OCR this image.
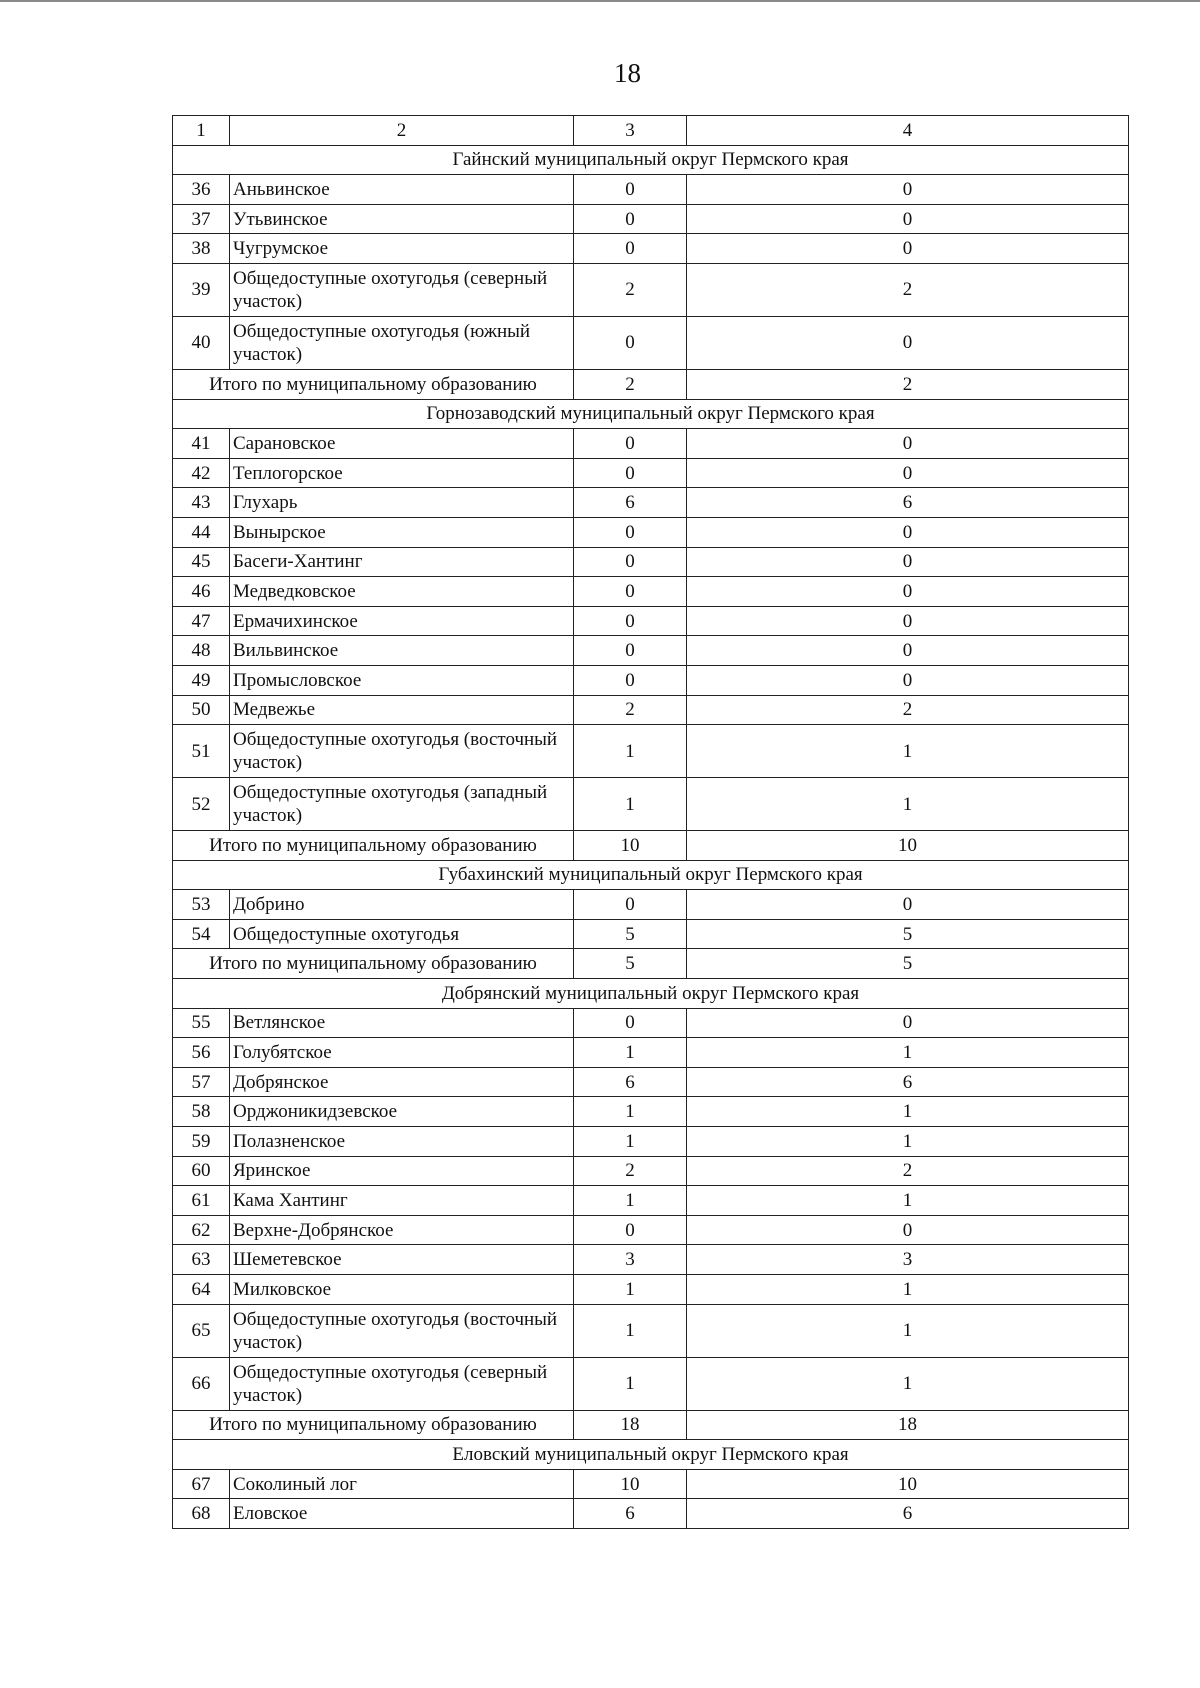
18
1	2	3	4
Гайнский муниципальный округ Пермского края			
36	Аньвинское	0	0
37	Утьвинское	0	0
38	Чугрумское	0	0
39	Общедоступные охотугодья (северный участок)	2	2
40	Общедоступные охотугодья (южный участок)	0	0
Итого по муниципальному образованию		2	2
Горнозаводский муниципальный округ Пермского края			
41	Сарановское	0	0
42	Теплогорское	0	0
43	Глухарь	6	6
44	Вынырское	0	0
45	Басеги-Хантинг	0	0
46	Медведковское	0	0
47	Ермачихинское	0	0
48	Вильвинское	0	0
49	Промысловское	0	0
50	Медвежье	2	2
51	Общедоступные охотугодья (восточный участок)	1	1
52	Общедоступные охотугодья (западный участок)	1	1
Итого по муниципальному образованию		10	10
Губахинский муниципальный округ Пермского края			
53	Добрино	0	0
54	Общедоступные охотугодья	5	5
Итого по муниципальному образованию		5	5
Добрянский муниципальный округ Пермского края			
55	Ветлянское	0	0
56	Голубятское	1	1
57	Добрянское	6	6
58	Орджоникидзевское	1	1
59	Полазненское	1	1
60	Яринское	2	2
61	Кама Хантинг	1	1
62	Верхне-Добрянское	0	0
63	Шеметевское	3	3
64	Милковское	1	1
65	Общедоступные охотугодья (восточный участок)	1	1
66	Общедоступные охотугодья (северный участок)	1	1
Итого по муниципальному образованию		18	18
Еловский муниципальный округ Пермского края			
67	Соколиный лог	10	10
68	Еловское	6	6
